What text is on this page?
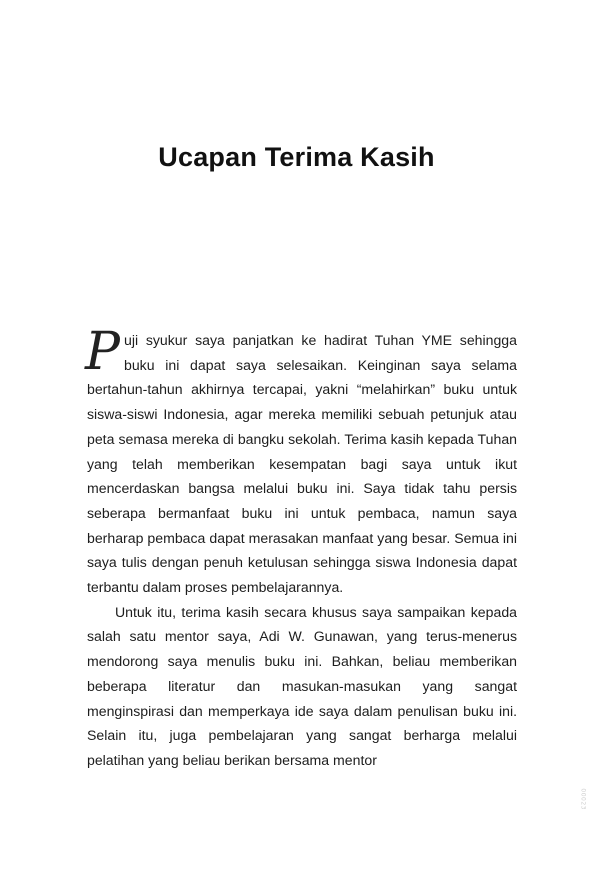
Ucapan Terima Kasih

Puji syukur saya panjatkan ke hadirat Tuhan YME sehingga buku ini dapat saya selesaikan. Keinginan saya selama bertahun-tahun akhirnya tercapai, yakni “melahirkan” buku untuk siswa-siswi Indonesia, agar mereka memiliki sebuah petunjuk atau peta semasa mereka di bangku sekolah. Terima kasih kepada Tuhan yang telah memberikan kesempatan bagi saya untuk ikut mencerdaskan bangsa melalui buku ini. Saya tidak tahu persis seberapa bermanfaat buku ini untuk pembaca, namun saya berharap pembaca dapat merasakan manfaat yang besar. Semua ini saya tulis dengan penuh ketulusan sehingga siswa Indonesia dapat terbantu dalam proses pembelajarannya.

Untuk itu, terima kasih secara khusus saya sampaikan kepada salah satu mentor saya, Adi W. Gunawan, yang terus-menerus mendorong saya menulis buku ini. Bahkan, beliau memberikan beberapa literatur dan masukan-masukan yang sangat menginspirasi dan memperkaya ide saya dalam penulisan buku ini. Selain itu, juga pembelajaran yang sangat berharga melalui pelatihan yang beliau berikan bersama mentor

00023
